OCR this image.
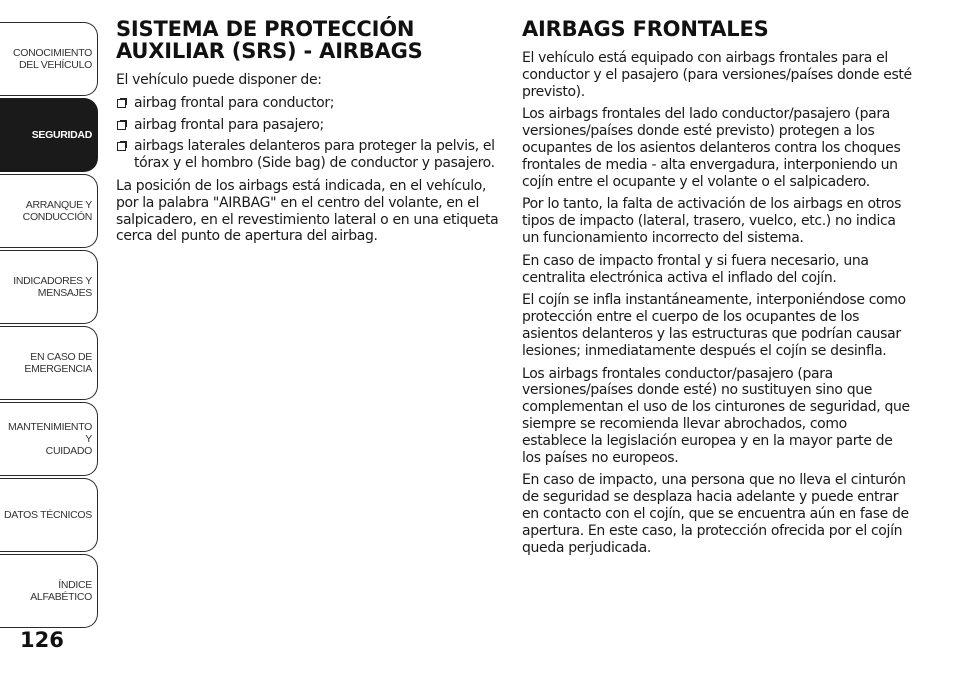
CONOCIMIENTO
DEL VEHÍCULO
SEGURIDAD
ARRANQUE Y
CONDUCCIÓN
INDICADORES Y
MENSAJES
EN CASO DE
EMERGENCIA
MANTENIMIENTO Y
CUIDADO
DATOS TÉCNICOS
ÍNDICE ALFABÉTICO
126
SISTEMA DE PROTECCIÓN AUXILIAR (SRS) - AIRBAGS

El vehículo puede disponer de:

airbag frontal para conductor;
airbag frontal para pasajero;
airbags laterales delanteros para proteger la pelvis, el tórax y el hombro (Side bag) de conductor y pasajero.

La posición de los airbags está indicada, en el vehículo, por la palabra "AIRBAG" en el centro del volante, en el salpicadero, en el revestimiento lateral o en una etiqueta cerca del punto de apertura del airbag.

AIRBAGS FRONTALES

El vehículo está equipado con airbags frontales para el conductor y el pasajero (para versiones/países donde esté previsto).

Los airbags frontales del lado conductor/pasajero (para versiones/países donde esté previsto) protegen a los ocupantes de los asientos delanteros contra los choques frontales de media - alta envergadura, interponiendo un cojín entre el ocupante y el volante o el salpicadero.

Por lo tanto, la falta de activación de los airbags en otros tipos de impacto (lateral, trasero, vuelco, etc.) no indica un funcionamiento incorrecto del sistema.

En caso de impacto frontal y si fuera necesario, una centralita electrónica activa el inflado del cojín.

El cojín se infla instantáneamente, interponiéndose como protección entre el cuerpo de los ocupantes de los asientos delanteros y las estructuras que podrían causar lesiones; inmediatamente después el cojín se desinfla.

Los airbags frontales conductor/pasajero (para versiones/países donde esté) no sustituyen sino que complementan el uso de los cinturones de seguridad, que siempre se recomienda llevar abrochados, como establece la legislación europea y en la mayor parte de los países no europeos.

En caso de impacto, una persona que no lleva el cinturón de seguridad se desplaza hacia adelante y puede entrar en contacto con el cojín, que se encuentra aún en fase de apertura. En este caso, la protección ofrecida por el cojín queda perjudicada.
